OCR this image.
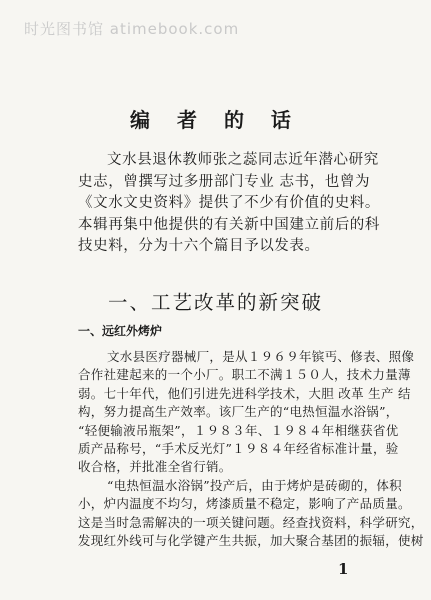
时光图书馆 atimebook.com
编 者 的 话
文水县退休教师张之蕊同志近年潜心研究
史志，曾撰写过多册部门专业 志书，也曾为
《文水文史资料》提供了不少有价值的史料。
本辑再集中他提供的有关新中国建立前后的科
技史料，分为十六个篇目予以发表。
一、工艺改革的新突破
一、远红外烤炉
文水县医疗器械厂，是从１９６９年镔丐、修表、照像
合作社建起来的一个小厂。职工不满１５０人，技术力量薄
弱。七十年代，他们引进先进科学技术，大胆 改革 生产 结
构，努力提高生产效率。该厂生产的“电热恒温水浴锅”，
“轻便输液吊瓶架”，１９８３年、１９８４年相继获省优
质产品称号，“手术反光灯”１９８４年经省标准计量，验
收合格，并批准全省行销。
“电热恒温水浴锅”投产后，由于烤炉是砖砌的，体积
小，炉内温度不均匀，烤漆质量不稳定，影响了产品质量。
这是当时急需解决的一项关键问题。经查找资料，科学研究，
发现红外线可与化学键产生共振，加大聚合基团的振辐，使树
1
